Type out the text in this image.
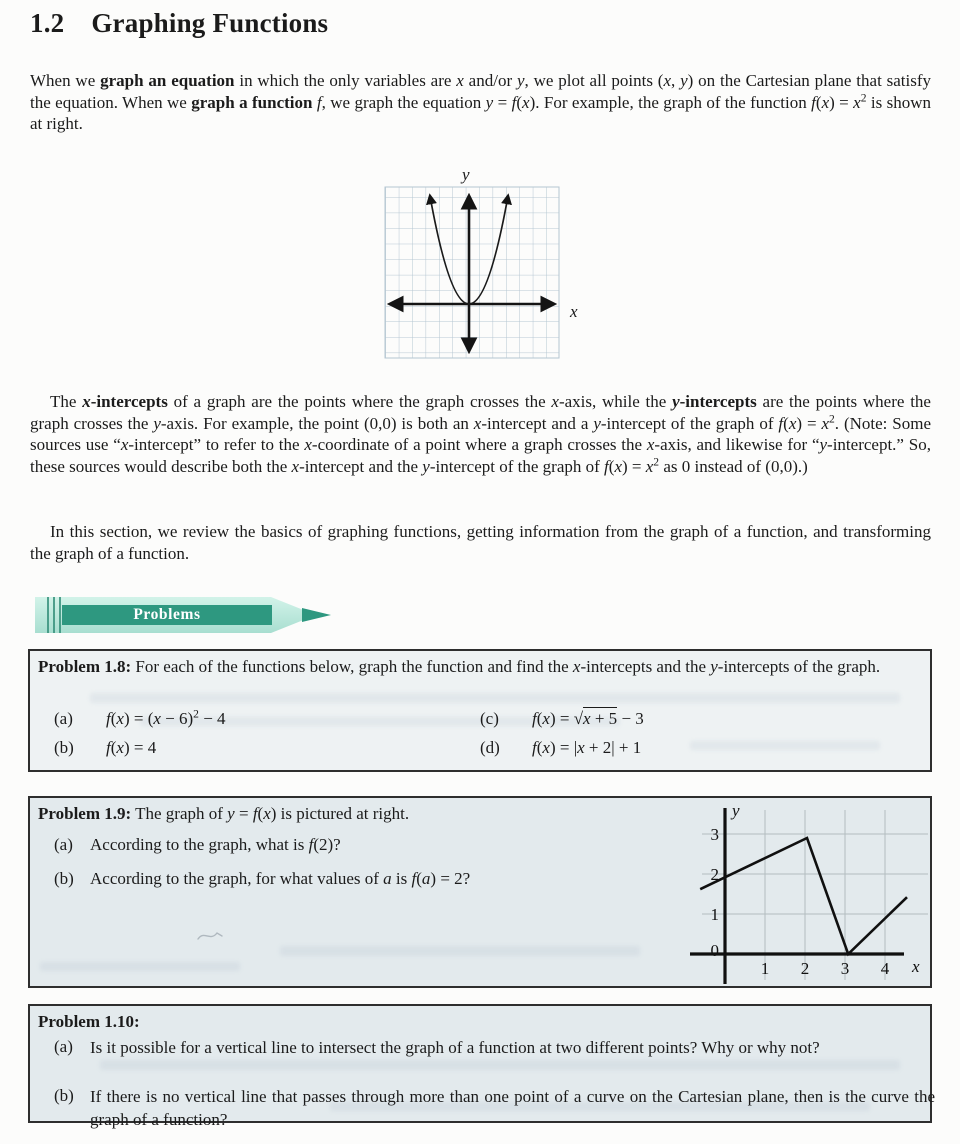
1.2 Graphing Functions
When we graph an equation in which the only variables are x and/or y, we plot all points (x, y) on the Cartesian plane that satisfy the equation. When we graph a function f, we graph the equation y = f(x). For example, the graph of the function $f(x) = x^2$ is shown at right.
y
x
The x-intercepts of a graph are the points where the graph crosses the x-axis, while the y-intercepts are the points where the graph crosses the y-axis. For example, the point (0,0) is both an x-intercept and a y-intercept of the graph of $f(x) = x^2$. (Note: Some sources use “x-intercept” to refer to the x-coordinate of a point where a graph crosses the x-axis, and likewise for “y-intercept.” So, these sources would describe both the x-intercept and the y-intercept of the graph of $f(x) = x^2$ as 0 instead of (0,0).)
In this section, we review the basics of graphing functions, getting information from the graph of a function, and transforming the graph of a function.
Problems
Problem 1.8: For each of the functions below, graph the function and find the x-intercepts and the y-intercepts of the graph.
(a)	$f(x) = (x - 6)^2 - 4$
(b)	f(x) = 4
(c)	f(x) = √x + 5 − 3
(d)	f(x) = |x + 2| + 1
Problem 1.9: The graph of y = f(x) is pictured at right.
(a)	According to the graph, what is f(2)?
(b) According to the graph, for what values of a is f(a) = 2?
1 2 3 4
0
1
2
3
y
x
Problem 1.10:
(a)	Is it possible for a vertical line to intersect the graph of a function at two different points? Why or why not?
(b) If there is no vertical line that passes through more than one point of a curve on the Cartesian plane, then is the curve the graph of a function?
